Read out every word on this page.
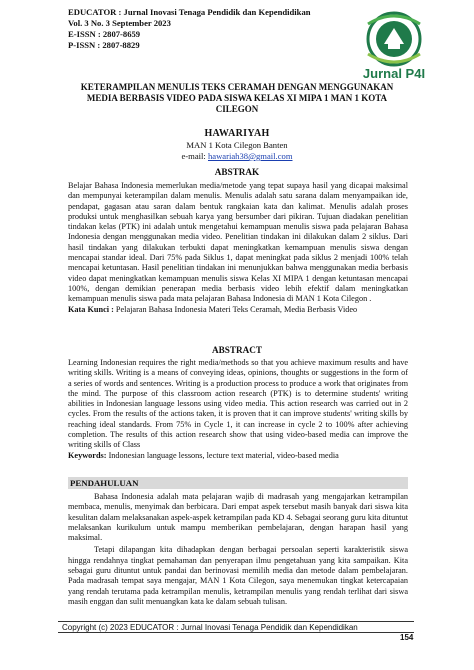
EDUCATOR : Jurnal Inovasi Tenaga Pendidik dan Kependidikan
Vol. 3 No. 3 September 2023
E-ISSN : 2807-8659
P-ISSN : 2807-8829
Jurnal P4I
KETERAMPILAN MENULIS TEKS CERAMAH DENGAN MENGGUNAKAN MEDIA BERBASIS VIDEO PADA SISWA KELAS XI MIPA 1 MAN 1 KOTA CILEGON
HAWARIYAH
MAN 1 Kota Cilegon Banten
e-mail: hawariah38@gmail.com
ABSTRAK

Belajar Bahasa Indonesia memerlukan media/metode yang tepat supaya hasil yang dicapai maksimal dan mempunyai keterampilan dalam menulis. Menulis adalah satu sarana dalam menyampaikan ide, pendapat, gagasan atau saran dalam bentuk rangkaian kata dan kalimat. Menulis adalah proses produksi untuk menghasilkan sebuah karya yang bersumber dari pikiran. Tujuan diadakan penelitian tindakan kelas (PTK) ini adalah untuk mengetahui kemampuan menulis siswa pada pelajaran Bahasa Indonesia dengan menggunakan media video. Penelitian tindakan ini dilakukan dalam 2 siklus. Dari hasil tindakan yang dilakukan terbukti dapat meningkatkan kemampuan menulis siswa dengan mencapai standar ideal. Dari 75% pada Siklus 1, dapat meningkat pada siklus 2 menjadi 100% telah mencapai ketuntasan. Hasil penelitian tindakan ini menunjukkan bahwa menggunakan media berbasis video dapat meningkatkan kemampuan menulis siswa Kelas XI MIPA 1 dengan ketuntasan mencapai 100%, dengan demikian penerapan media berbasis video lebih efektif dalam meningkatkan kemampuan menulis siswa pada mata pelajaran Bahasa Indonesia di MAN 1 Kota Cilegon .

Kata Kunci : Pelajaran Bahasa Indonesia Materi Teks Ceramah, Media Berbasis Video

ABSTRACT

Learning Indonesian requires the right media/methods so that you achieve maximum results and have writing skills. Writing is a means of conveying ideas, opinions, thoughts or suggestions in the form of a series of words and sentences. Writing is a production process to produce a work that originates from the mind. The purpose of this classroom action research (PTK) is to determine students' writing abilities in Indonesian language lessons using video media. This action research was carried out in 2 cycles. From the results of the actions taken, it is proven that it can improve students' writing skills by reaching ideal standards. From 75% in Cycle 1, it can increase in cycle 2 to 100% after achieving completion. The results of this action research show that using video-based media can improve the writing skills of Class

Keywords: Indonesian language lessons, lecture text material, video-based media

PENDAHULUAN

Bahasa Indonesia adalah mata pelajaran wajib di madrasah yang mengajarkan ketrampilan membaca, menulis, menyimak dan berbicara. Dari empat aspek tersebut masih banyak dari siswa kita kesulitan dalam melaksanakan aspek-aspek ketrampilan pada KD 4. Sebagai seorang guru kita dituntut melaksankan kurikulum untuk mampu memberikan pembelajaran, dengan harapan hasil yang maksimal.

Tetapi dilapangan kita dihadapkan dengan berbagai persoalan seperti karakteristik siswa hingga rendahnya tingkat pemahaman dan penyerapan ilmu pengetahuan yang kita sampaikan. Kita sebagai guru dituntut untuk pandai dan berinovasi memilih media dan metode dalam pembelajaran. Pada madrasah tempat saya mengajar, MAN 1 Kota Cilegon, saya menemukan tingkat ketercapaian yang rendah terutama pada ketrampilan menulis, ketrampilan menulis yang rendah terlihat dari siswa masih enggan dan sulit menuangkan kata ke dalam sebuah tulisan.

Copyright (c) 2023 EDUCATOR : Jurnal Inovasi Tenaga Pendidik dan Kependidikan
154
